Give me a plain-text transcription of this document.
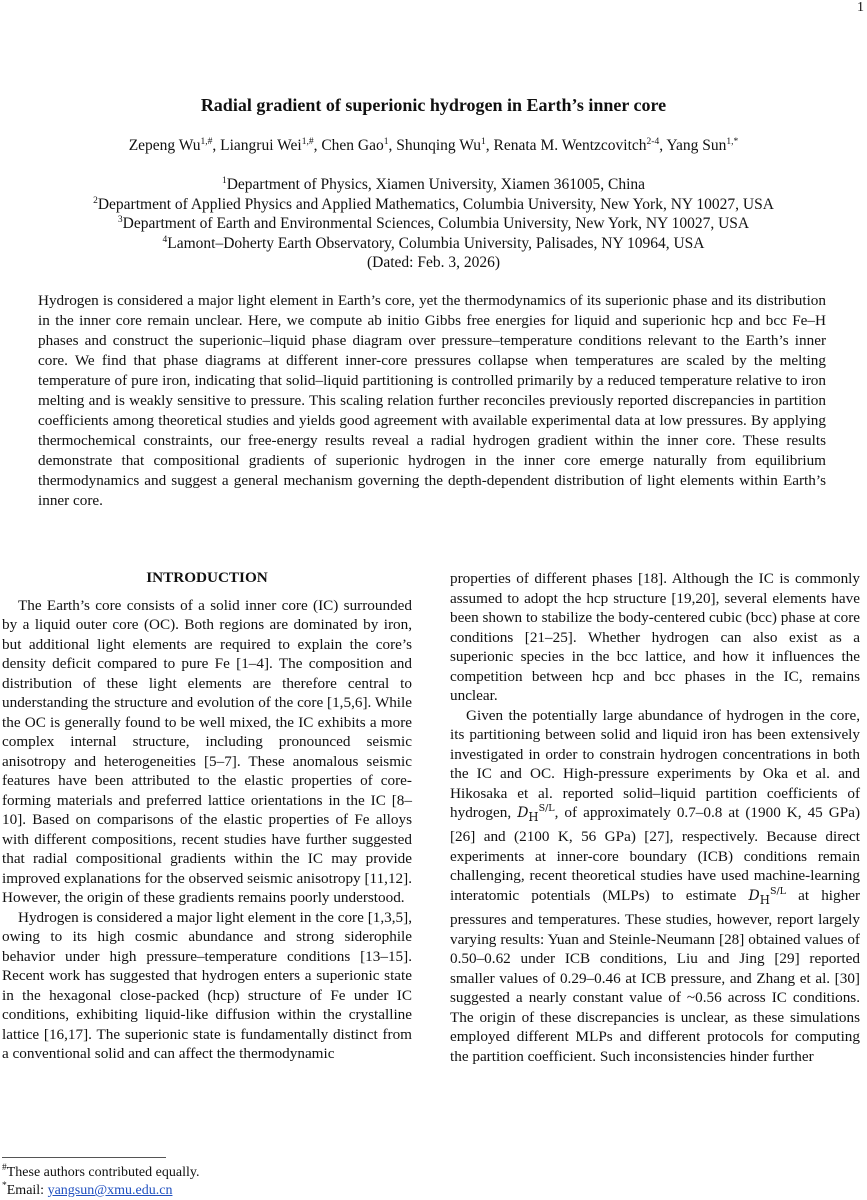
1
Radial gradient of superionic hydrogen in Earth’s inner core
Zepeng $Wu^{1,\#}$, Liangrui Wei$^{1,\#}$, Chen Gao$^1$, Shunqing Wu$^1$, Renata M. Wentzcovitch$^{2-4}$, Yang Sun$^{1,*}$
$^1$Department of Physics, Xiamen University, Xiamen 361005, China
$^2$Department of Applied Physics and Applied Mathematics, Columbia University, New York, NY 10027, USA
$^3$Department of Earth and Environmental Sciences, Columbia University, New York, NY 10027, USA
$^4$Lamont–Doherty Earth Observatory, Columbia University, Palisades, NY 10964, USA
(Dated: Feb. 3, 2026)
Hydrogen is considered a major light element in Earth’s core, yet the thermodynamics of its superionic phase and its distribution in the inner core remain unclear. Here, we compute ab initio Gibbs free energies for liquid and superionic hcp and bcc Fe–H phases and construct the superionic–liquid phase diagram over pressure–temperature conditions relevant to the Earth’s inner core. We find that phase diagrams at different inner-core pressures collapse when temperatures are scaled by the melting temperature of pure iron, indicating that solid–liquid partitioning is controlled primarily by a reduced temperature relative to iron melting and is weakly sensitive to pressure. This scaling relation further reconciles previously reported discrepancies in partition coefficients among theoretical studies and yields good agreement with available experimental data at low pressures. By applying thermochemical constraints, our free-energy results reveal a radial hydrogen gradient within the inner core. These results demonstrate that compositional gradients of superionic hydrogen in the inner core emerge naturally from equilibrium thermodynamics and suggest a general mechanism governing the depth-dependent distribution of light elements within Earth’s inner core.
INTRODUCTION

The Earth’s core consists of a solid inner core (IC) surrounded by a liquid outer core (OC). Both regions are dominated by iron, but additional light elements are required to explain the core’s density deficit compared to pure Fe [1–4]. The composition and distribution of these light elements are therefore central to understanding the structure and evolution of the core [1,5,6]. While the OC is generally found to be well mixed, the IC exhibits a more complex internal structure, including pronounced seismic anisotropy and heterogeneities [5–7]. These anomalous seismic features have been attributed to the elastic properties of core-forming materials and preferred lattice orientations in the IC [8–10]. Based on comparisons of the elastic properties of Fe alloys with different compositions, recent studies have further suggested that radial compositional gradients within the IC may provide improved explanations for the observed seismic anisotropy [11,12]. However, the origin of these gradients remains poorly understood.

Hydrogen is considered a major light element in the core [1,3,5], owing to its high cosmic abundance and strong siderophile behavior under high pressure–temperature conditions [13–15]. Recent work has suggested that hydrogen enters a superionic state in the hexagonal close-packed (hcp) structure of Fe under IC conditions, exhibiting liquid-like diffusion within the crystalline lattice [16,17]. The superionic state is fundamentally distinct from a conventional solid and can affect the thermodynamic

properties of different phases [18]. Although the IC is commonly assumed to adopt the hcp structure [19,20], several elements have been shown to stabilize the body-centered cubic (bcc) phase at core conditions [21–25]. Whether hydrogen can also exist as a superionic species in the bcc lattice, and how it influences the competition between hcp and bcc phases in the IC, remains unclear.

Given the potentially large abundance of hydrogen in the core, its partitioning between solid and liquid iron has been extensively investigated in order to constrain hydrogen concentrations in both the IC and OC. High-pressure experiments by Oka et al. and Hikosaka et al. reported solid–liquid partition coefficients of hydrogen, $D_H^{S/L}$, of approximately 0.7–0.8 at (1900 K, 45 GPa) [26] and (2100 K, 56 GPa) [27], respectively. Because direct experiments at inner-core boundary (ICB) conditions remain challenging, recent theoretical studies have used machine-learning interatomic potentials (MLPs) to estimate $D_H^{S/L}$ at higher pressures and temperatures. These studies, however, report largely varying results: Yuan and Steinle-Neumann [28] obtained values of 0.50–0.62 under ICB conditions, Liu and Jing [29] reported smaller values of 0.29–0.46 at ICB pressure, and Zhang et al. [30] suggested a nearly constant value of ~0.56 across IC conditions. The origin of these discrepancies is unclear, as these simulations employed different MLPs and different protocols for computing the partition coefficient. Such inconsistencies hinder further

#These authors contributed equally.
*Email: yangsun@xmu.edu.cn
